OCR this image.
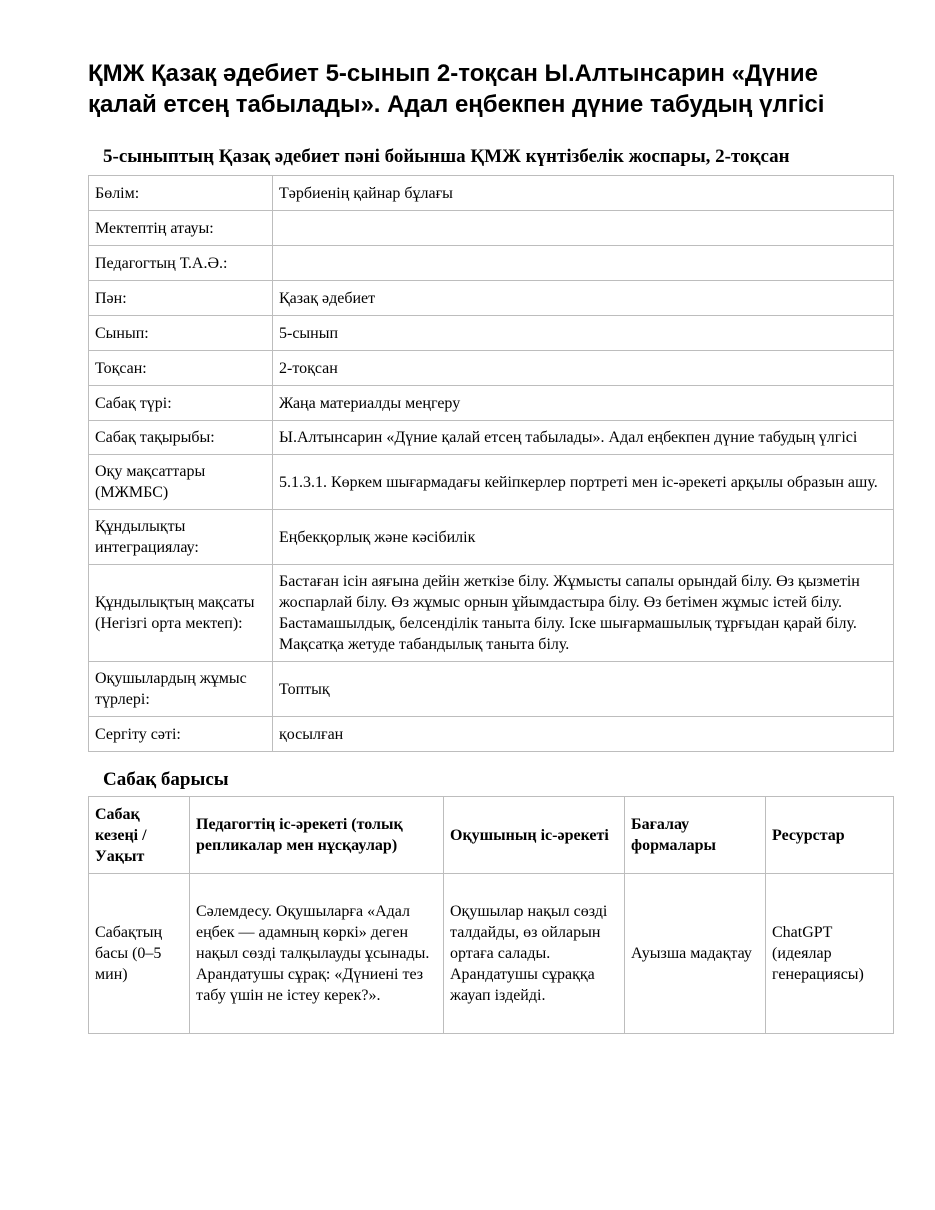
ҚМЖ Қазақ әдебиет 5-сынып 2-тоқсан Ы.Алтынсарин «Дүние қалай етсең табылады». Адал еңбекпен дүние табудың үлгісі
5-сыныптың Қазақ әдебиет пәні бойынша ҚМЖ күнтізбелік жоспары, 2-тоқсан
Бөлім:	Тәрбиенің қайнар бұлағы
Мектептің атауы:	
Педагогтың Т.А.Ә.:	
Пән:	Қазақ әдебиет
Сынып:	5-сынып
Тоқсан:	2-тоқсан
Сабақ түрі:	Жаңа материалды меңгеру
Сабақ тақырыбы:	Ы.Алтынсарин «Дүние қалай етсең табылады». Адал еңбекпен дүние табудың үлгісі
Оқу мақсаттары (МЖМБС)	5.1.3.1. Көркем шығармадағы кейіпкерлер портреті мен іс-әрекеті арқылы образын ашу.
Құндылықты интеграциялау:	Еңбекқорлық және кәсібилік
Құндылықтың мақсаты (Негізгі орта мектеп):	Бастаған ісін аяғына дейін жеткізе білу. Жұмысты сапалы орындай білу. Өз қызметін жоспарлай білу. Өз жұмыс орнын ұйымдастыра білу. Өз бетімен жұмыс істей білу. Бастамашылдық, белсенділік таныта білу. Іске шығармашылық тұрғыдан қарай білу. Мақсатқа жетуде табандылық таныта білу.
Оқушылардың жұмыс түрлері:	Топтық
Сергіту сәті:	қосылған
Сабақ барысы
Сабақ кезеңі / Уақыт	Педагогтің іс-әрекеті (толық репликалар мен нұсқаулар)	Оқушының іс-әрекеті	Бағалау формалары	Ресурстар
Сабақтың басы (0–5 мин)	Сәлемдесу. Оқушыларға «Адал еңбек — адамның көркі» деген нақыл сөзді талқылауды ұсынады. Арандатушы сұрақ: «Дүниені тез табу үшін не істеу керек?».	Оқушылар нақыл сөзді талдайды, өз ойларын ортаға салады. Арандатушы сұраққа жауап іздейді.	Ауызша мадақтау	ChatGPT (идеялар генерациясы)
